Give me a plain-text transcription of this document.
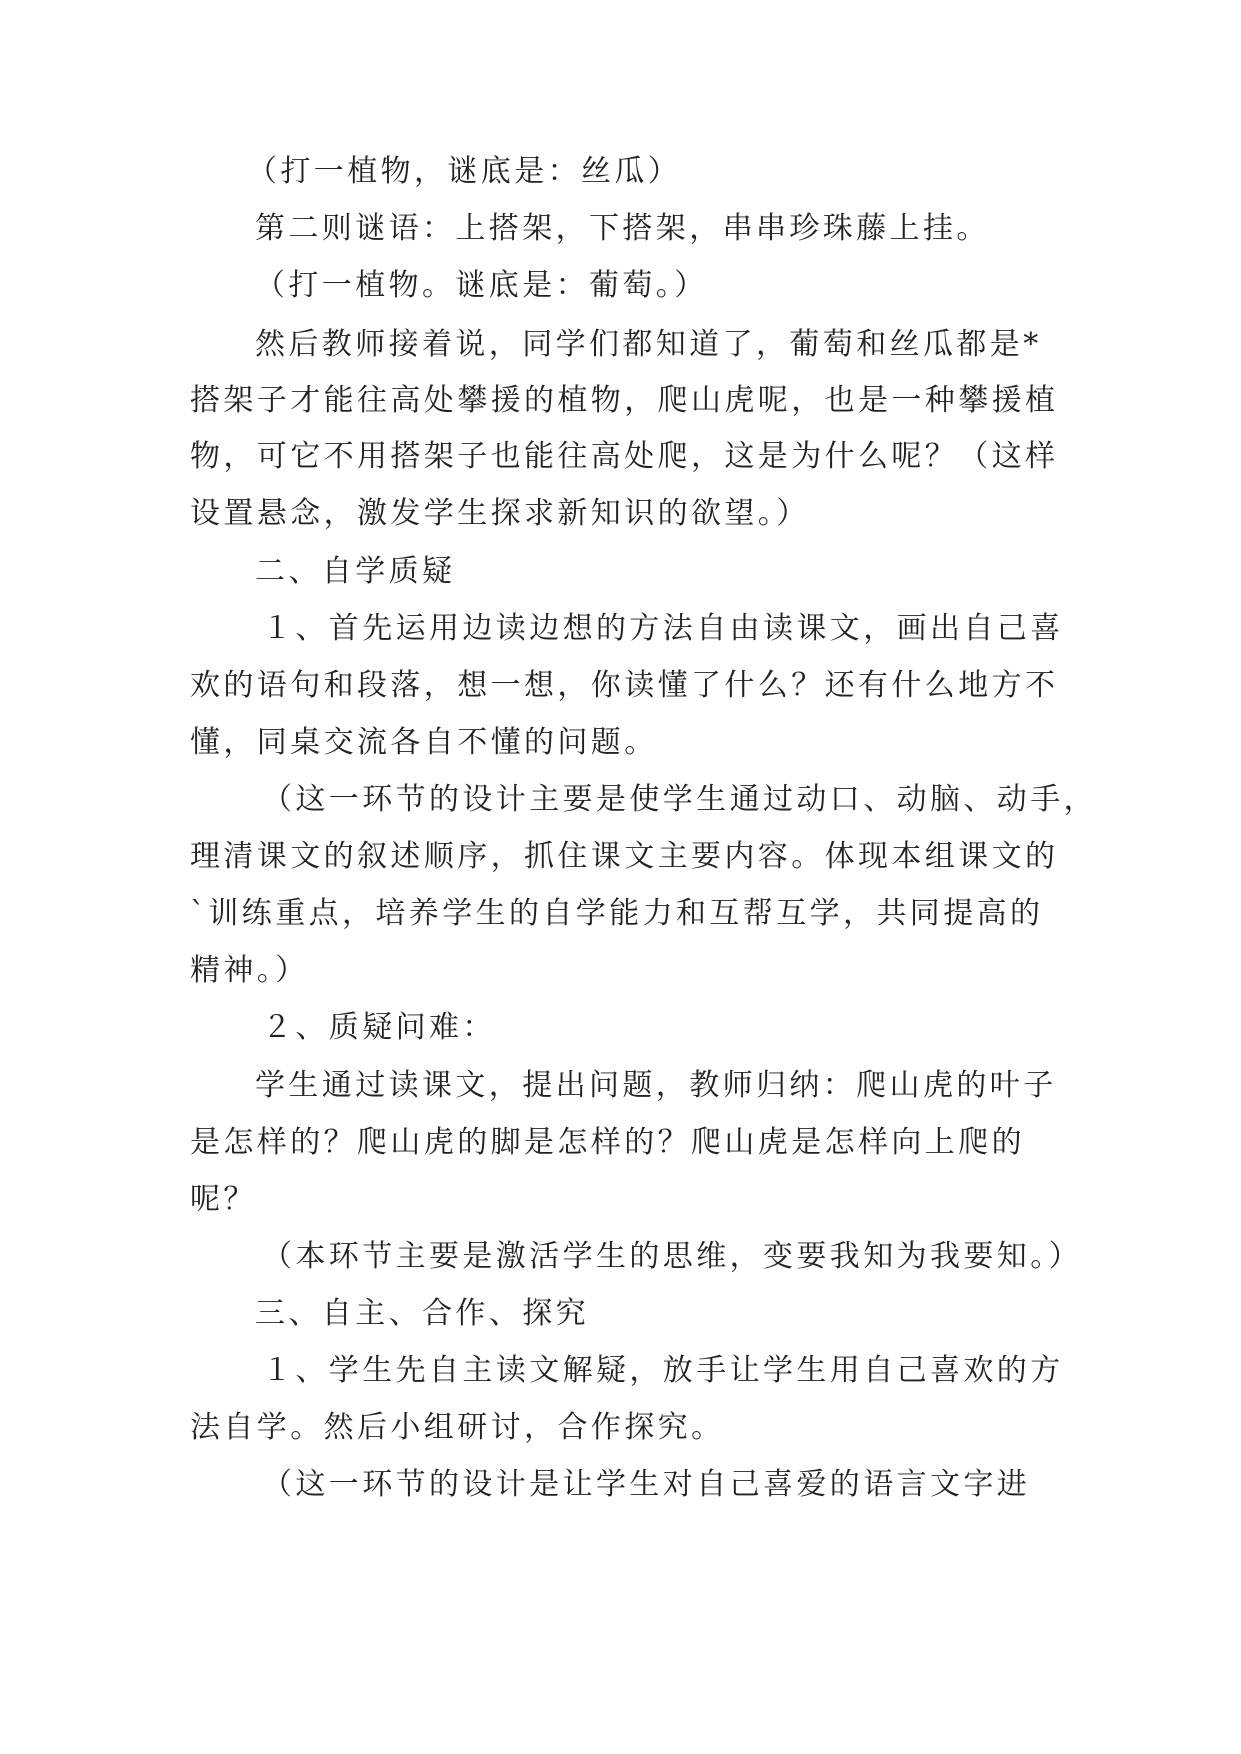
（打一植物，谜底是：丝瓜）
第二则谜语：上搭架，下搭架，串串珍珠藤上挂。
（打一植物。谜底是：葡萄。）
然后教师接着说，同学们都知道了，葡萄和丝瓜都是*
搭架子才能往高处攀援的植物，爬山虎呢，也是一种攀援植
物，可它不用搭架子也能往高处爬，这是为什么呢？（这样
设置悬念，激发学生探求新知识的欲望。）
二、自学质疑
１、首先运用边读边想的方法自由读课文，画出自己喜
欢的语句和段落，想一想，你读懂了什么？还有什么地方不
懂，同桌交流各自不懂的问题。
（这一环节的设计主要是使学生通过动口、动脑、动手，
理清课文的叙述顺序，抓住课文主要内容。体现本组课文的
`训练重点，培养学生的自学能力和互帮互学，共同提高的
精神。）
２、质疑问难：
学生通过读课文，提出问题，教师归纳：爬山虎的叶子
是怎样的？爬山虎的脚是怎样的？爬山虎是怎样向上爬的
呢？
（本环节主要是激活学生的思维，变要我知为我要知。）
三、自主、合作、探究
１、学生先自主读文解疑，放手让学生用自己喜欢的方
法自学。然后小组研讨，合作探究。
（这一环节的设计是让学生对自己喜爱的语言文字进
